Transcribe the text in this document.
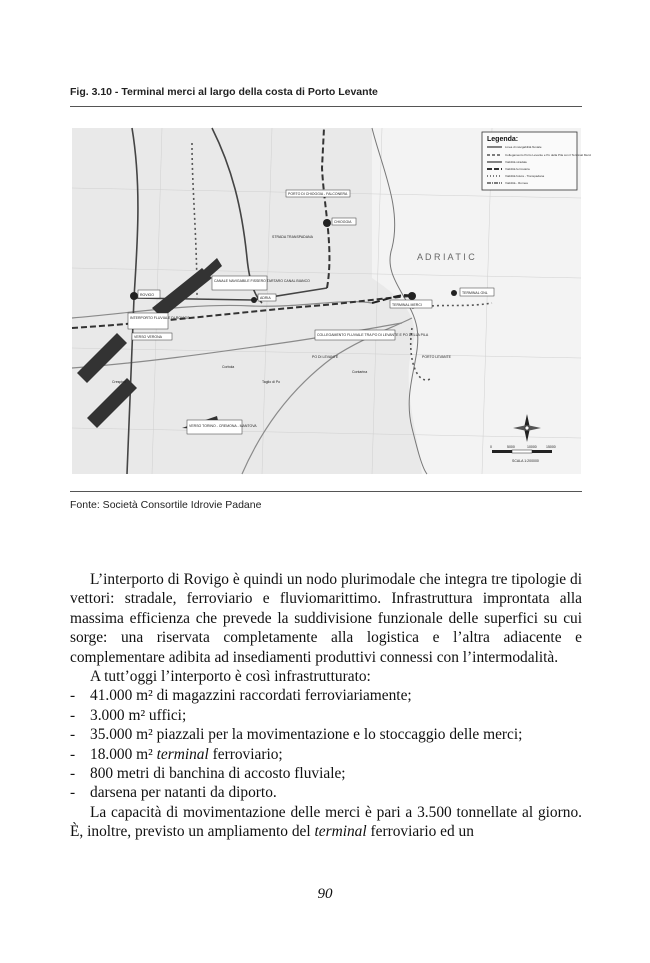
Fig. 3.10 - Terminal merci al largo della costa di Porto Levante
Legenda:
Linea di navigabilità fluviale
Collegamento Porto Levante e Po della Pila con il Terminal Merci
Viabilità stradale
Viabilità ferroviaria
Viabilità futura - Transpadana
Viabilità - Romea
A D R I A T I C
ROVIGO
ADRIA
CHIOGGIA
PORTO DI CHIOGGIA - FALCONERA
TERMINAL MERCI
TERMINAL GNL
INTERPORTO FLUVIALE DI ROVIGO
CANALE NAVIGABILE FISSERO TARTARO CANAL BIANCO
STRADA TRANSPADANA
PO DI LEVANTE	PORTO LEVANTE
VERSO TORINO - CREMONA - MANTOVA
VERSO VERONA	COLLEGAMENTO FLUVIALE TRA PO DI LEVANTE E PO DELLA PILA
Corbola
Taglio di Po
Crespino
Contarina
0	5000	10000	15000
SCALA 1:200000
Fonte: Società Consortile Idrovie Padane

L’interporto di Rovigo è quindi un nodo plurimodale che integra tre tipologie di vettori: stradale, ferroviario e fluviomarittimo. Infrastruttura improntata alla massima efficienza che prevede la suddivisione funzionale delle superfici su cui sorge: una riservata completamente alla logistica e l’altra adiacente e complementare adibita ad insediamenti produttivi connessi con l’intermodalità.

A tutt’oggi l’interporto è così infrastrutturato:

- 41.000 m² di magazzini raccordati ferroviariamente;
- 3.000 m² uffici;
- 35.000 m² piazzali per la movimentazione e lo stoccaggio delle merci;
- 18.000 m² terminal ferroviario;
- 800 metri di banchina di accosto fluviale;
- darsena per natanti da diporto.

La capacità di movimentazione delle merci è pari a 3.500 tonnellate al giorno. È, inoltre, previsto un ampliamento del terminal ferroviario ed un

90
